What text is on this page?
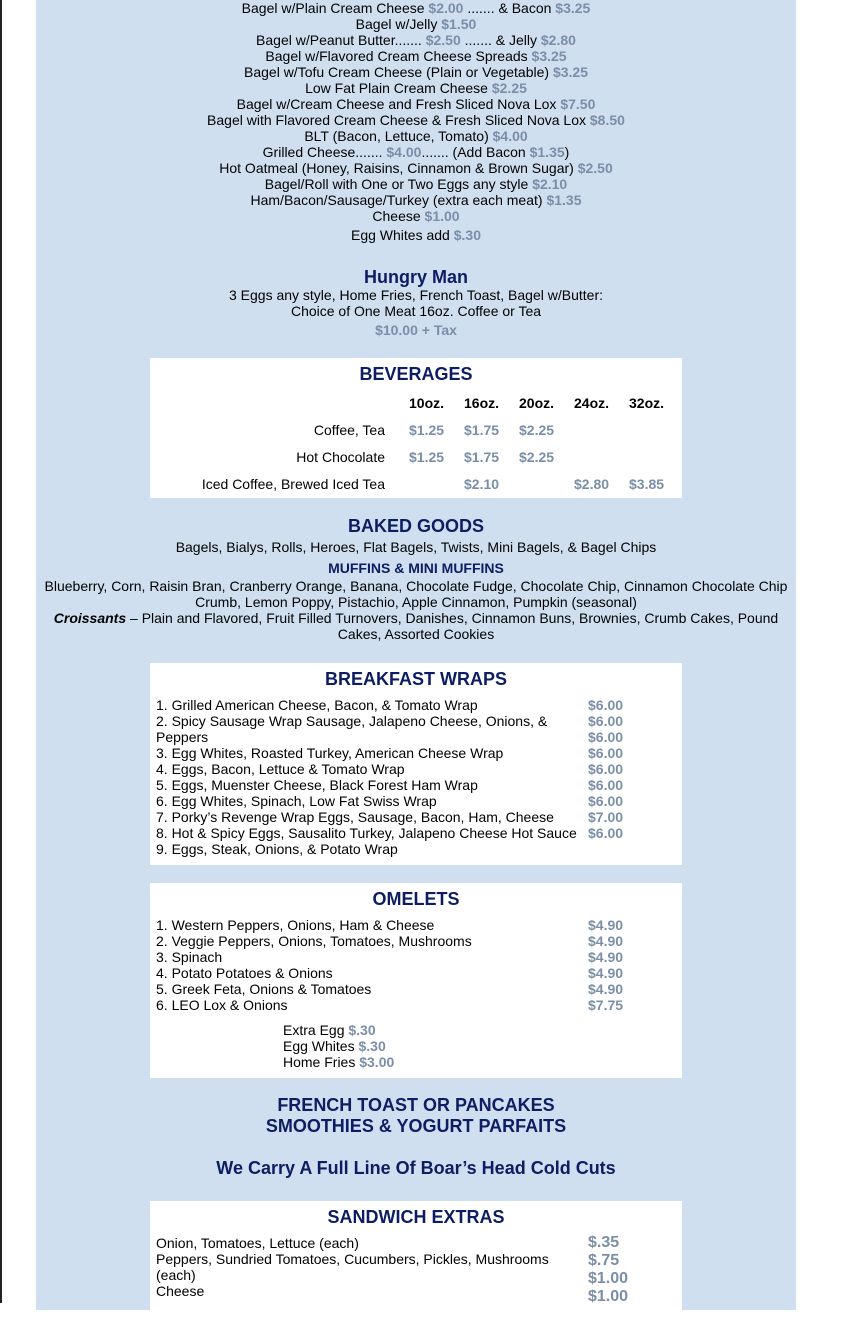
Bagel w/Plain Cream Cheese $2.00 ....... & Bacon $3.25
Bagel w/Jelly $1.50
Bagel w/Peanut Butter....... $2.50 ....... & Jelly $2.80
Bagel w/Flavored Cream Cheese Spreads $3.25
Bagel w/Tofu Cream Cheese (Plain or Vegetable) $3.25
Low Fat Plain Cream Cheese $2.25
Bagel w/Cream Cheese and Fresh Sliced Nova Lox $7.50
Bagel with Flavored Cream Cheese & Fresh Sliced Nova Lox $8.50
BLT (Bacon, Lettuce, Tomato) $4.00
Grilled Cheese....... $4.00....... (Add Bacon $1.35)
Hot Oatmeal (Honey, Raisins, Cinnamon & Brown Sugar) $2.50
Bagel/Roll with One or Two Eggs any style $2.10
Ham/Bacon/Sausage/Turkey (extra each meat) $1.35
Cheese $1.00
Egg Whites add $.30
Hungry Man
3 Eggs any style, Home Fries, French Toast, Bagel w/Butter:
Choice of One Meat 16oz. Coffee or Tea
$10.00 + Tax
BEVERAGES
10oz. 16oz. 20oz. 24oz. 32oz.
Coffee, Tea $1.25 $1.75 $2.25
Hot Chocolate $1.25 $1.75 $2.25
Iced Coffee, Brewed Iced Tea	$2.10	$2.80 $3.85
BAKED GOODS
Bagels, Bialys, Rolls, Heroes, Flat Bagels, Twists, Mini Bagels, & Bagel Chips
MUFFINS & MINI MUFFINS
Blueberry, Corn, Raisin Bran, Cranberry Orange, Banana, Chocolate Fudge, Chocolate Chip, Cinnamon Chocolate Chip
Crumb, Lemon Poppy, Pistachio, Apple Cinnamon, Pumpkin (seasonal)
Croissants – Plain and Flavored, Fruit Filled Turnovers, Danishes, Cinnamon Buns, Brownies, Crumb Cakes, Pound
Cakes, Assorted Cookies
BREAKFAST WRAPS
1. Grilled American Cheese, Bacon, & Tomato Wrap
2. Spicy Sausage Wrap Sausage, Jalapeno Cheese, Onions, &
Peppers
3. Egg Whites, Roasted Turkey, American Cheese Wrap
4. Eggs, Bacon, Lettuce & Tomato Wrap
5. Eggs, Muenster Cheese, Black Forest Ham Wrap
6. Egg Whites, Spinach, Low Fat Swiss Wrap
7. Porky’s Revenge Wrap Eggs, Sausage, Bacon, Ham, Cheese
8. Hot & Spicy Eggs, Sausalito Turkey, Jalapeno Cheese Hot Sauce
9. Eggs, Steak, Onions, & Potato Wrap
$6.00
$6.00
$6.00
$6.00
$6.00
$6.00
$6.00
$7.00
$6.00
OMELETS
1. Western Peppers, Onions, Ham & Cheese
2. Veggie Peppers, Onions, Tomatoes, Mushrooms
3. Spinach
4. Potato Potatoes & Onions
5. Greek Feta, Onions & Tomatoes
6. LEO Lox & Onions
$4.90
$4.90
$4.90
$4.90
$4.90
$7.75
Extra Egg $.30
Egg Whites $.30
Home Fries $3.00
FRENCH TOAST OR PANCAKES
SMOOTHIES & YOGURT PARFAITS
We Carry A Full Line Of Boar’s Head Cold Cuts
SANDWICH EXTRAS
Onion, Tomatoes, Lettuce (each)
Peppers, Sundried Tomatoes, Cucumbers, Pickles, Mushrooms
(each)
Cheese
$.35
$.75
$1.00
$1.00
